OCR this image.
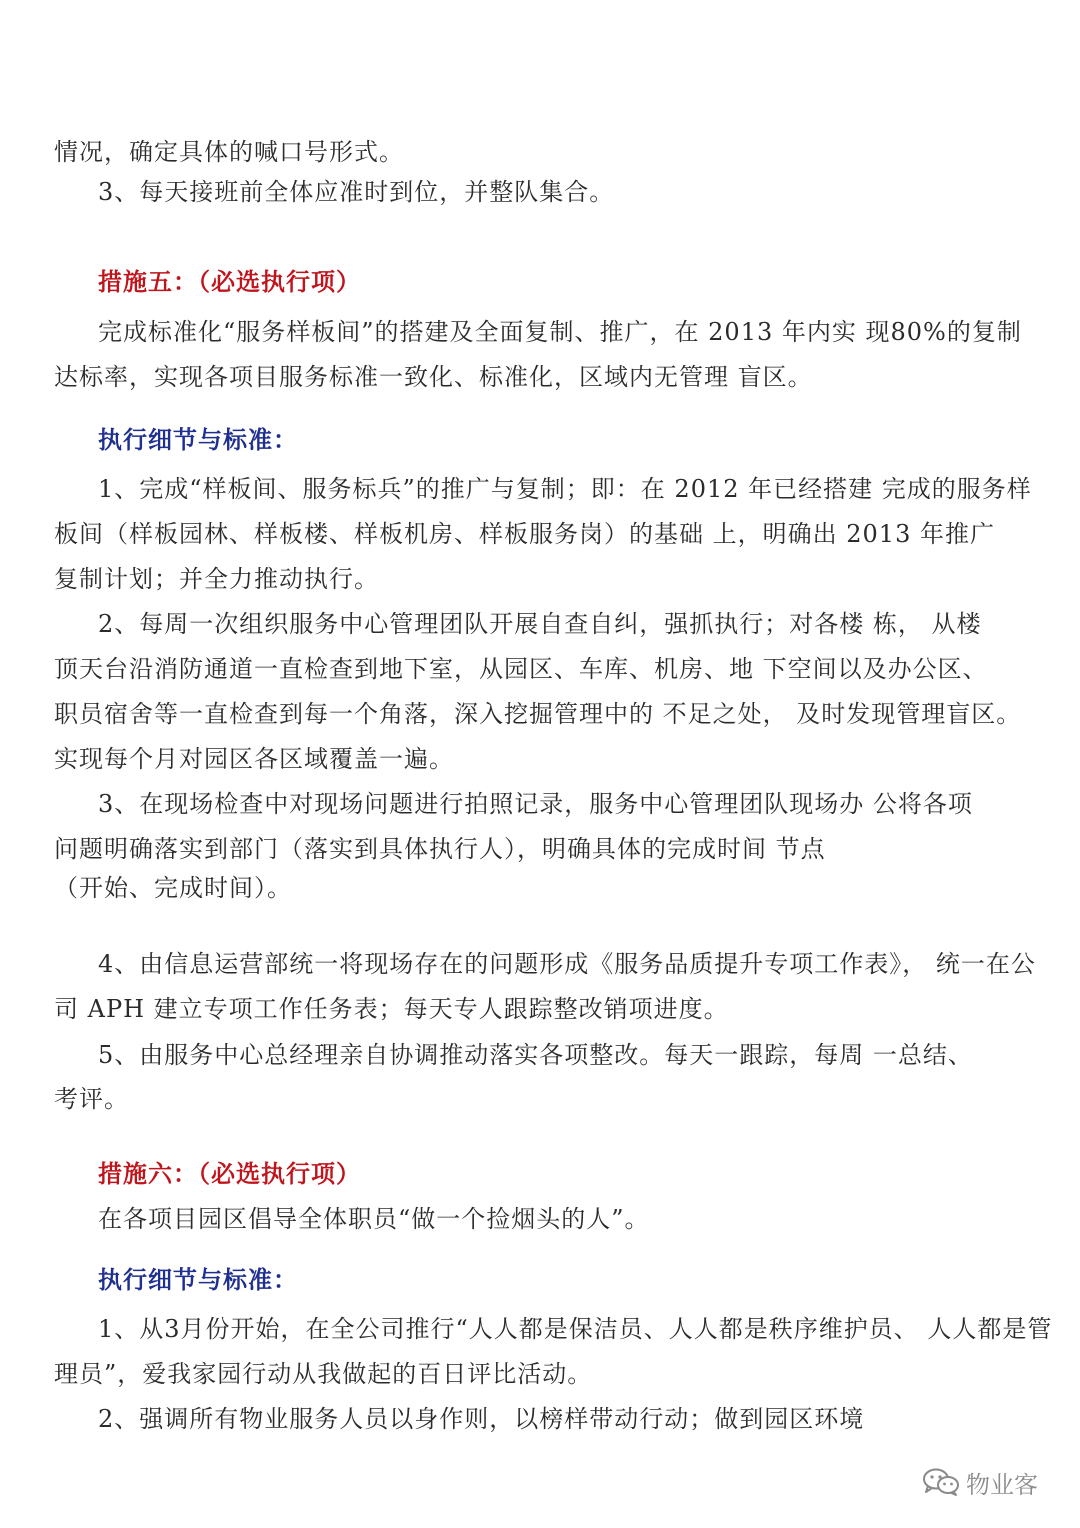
情况，确定具体的喊口号形式。
3、每天接班前全体应准时到位，并整队集合。
措施五：（必选执行项）
完成标准化“服务样板间”的搭建及全面复制、推广，在 2013 年内实 现80%的复制
达标率，实现各项目服务标准一致化、标准化，区域内无管理 盲区。
执行细节与标准：
1、完成“样板间、服务标兵”的推广与复制；即：在 2012 年已经搭建 完成的服务样
板间（样板园林、样板楼、样板机房、样板服务岗）的基础 上，明确出 2013 年推广
复制计划；并全力推动执行。
2、每周一次组织服务中心管理团队开展自查自纠，强抓执行；对各楼 栋， 从楼
顶天台沿消防通道一直检查到地下室，从园区、车库、机房、地 下空间以及办公区、
职员宿舍等一直检查到每一个角落，深入挖掘管理中的 不足之处， 及时发现管理盲区。
实现每个月对园区各区域覆盖一遍。
3、在现场检查中对现场问题进行拍照记录，服务中心管理团队现场办 公将各项
问题明确落实到部门（落实到具体执行人），明确具体的完成时间 节点
（开始、完成时间）。
4、由信息运营部统一将现场存在的问题形成《服务品质提升专项工作表》， 统一在公
司 APH 建立专项工作任务表；每天专人跟踪整改销项进度。
5、由服务中心总经理亲自协调推动落实各项整改。每天一跟踪，每周 一总结、
考评。
措施六：（必选执行项）
在各项目园区倡导全体职员“做一个捡烟头的人”。
执行细节与标准：
1、从3月份开始，在全公司推行“人人都是保洁员、人人都是秩序维护员、 人人都是管
理员”，爱我家园行动从我做起的百日评比活动。
2、强调所有物业服务人员以身作则，以榜样带动行动；做到园区环境
物业客
